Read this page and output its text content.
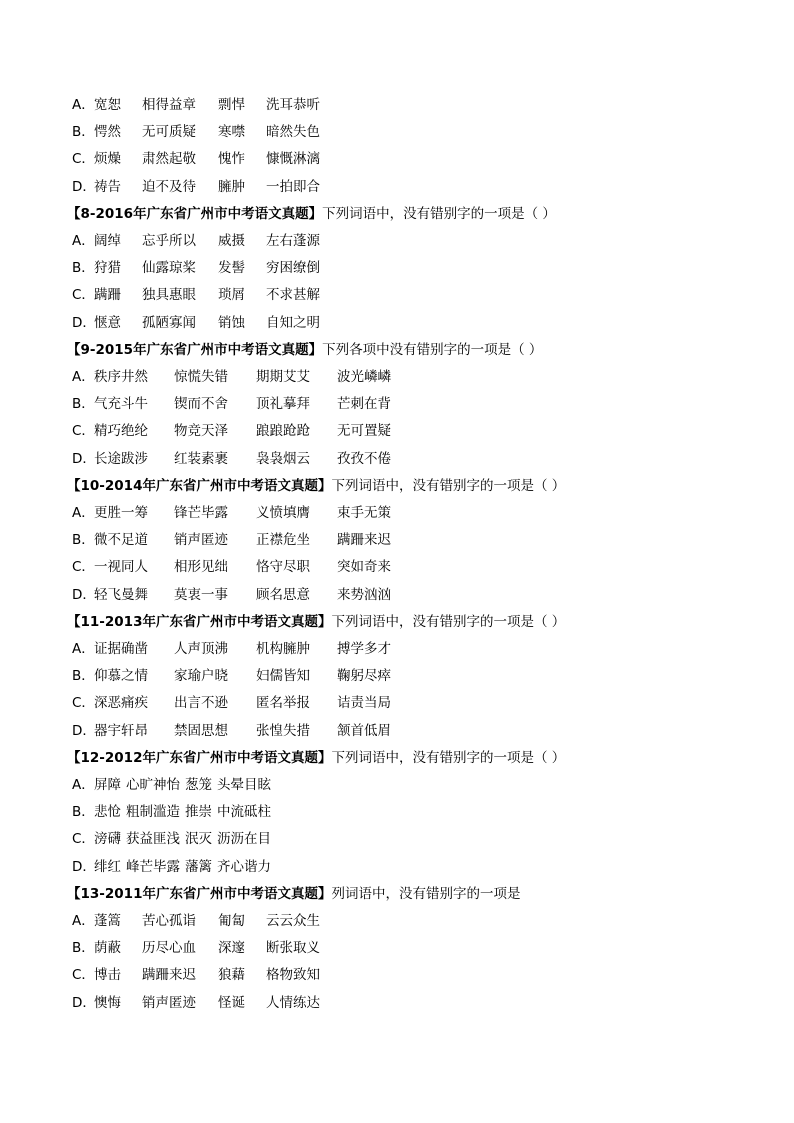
A．宽恕 相得益章 剽悍 洗耳恭听
B．愕然 无可质疑 寒噤 暗然失色
C．烦燥 肃然起敬 愧怍 慷慨淋漓
D．祷告 迫不及待 臃肿 一拍即合
【8-2016年广东省广州市中考语文真题】下列词语中，没有错别字的一项是（ ）
A．阔绰 忘乎所以 威摄 左右蓬源
B．狩猎 仙露琼桨 发髻 穷困缭倒
C．蹒跚 独具惠眼 琐屑 不求甚解
D．惬意 孤陋寡闻 销蚀 自知之明
【9-2015年广东省广州市中考语文真题】下列各项中没有错别字的一项是（ ）
A．秩序井然 惊慌失错 期期艾艾 波光嶙嶙
B．气充斗牛 锲而不舍 顶礼摹拜 芒刺在背
C．精巧绝纶 物竞天泽 踉踉跄跄 无可置疑
D．长途跋涉 红装素裹 袅袅烟云 孜孜不倦
【10-2014年广东省广州市中考语文真题】下列词语中，没有错别字的一项是（ ）
A．更胜一筹 锋芒毕露 义愤填膺 束手无策
B．微不足道 销声匿迹 正襟危坐 蹒跚来迟
C．一视同人 相形见绌 恪守尽职 突如奇来
D．轻飞曼舞 莫衷一事 顾名思意 来势汹汹
【11-2013年广东省广州市中考语文真题】下列词语中，没有错别字的一项是（ ）
A．证据确凿 人声顶沸 机构臃肿 搏学多才
B．仰慕之情 家瑜户晓 妇儒皆知 鞠躬尽瘁
C．深恶痛疾 出言不逊 匿名举报 诘责当局
D．器宇轩昂 禁固思想 张惶失措 颔首低眉
【12-2012年广东省广州市中考语文真题】下列词语中，没有错别字的一项是（ ）
A．屏障 心旷神怡 葱笼 头晕目眩
B．悲怆 粗制滥造 推崇 中流砥柱
C．滂礴 获益匪浅 泯灭 沥沥在目
D．绯红 峰芒毕露 藩篱 齐心谐力
【13-2011年广东省广州市中考语文真题】列词语中，没有错别字的一项是
A．蓬篙 苦心孤诣 匍匐 云云众生
B．荫蔽 历尽心血 深邃 断张取义
C．博击 蹒跚来迟 狼藉 格物致知
D．懊悔 销声匿迹 怪诞 人情练达
